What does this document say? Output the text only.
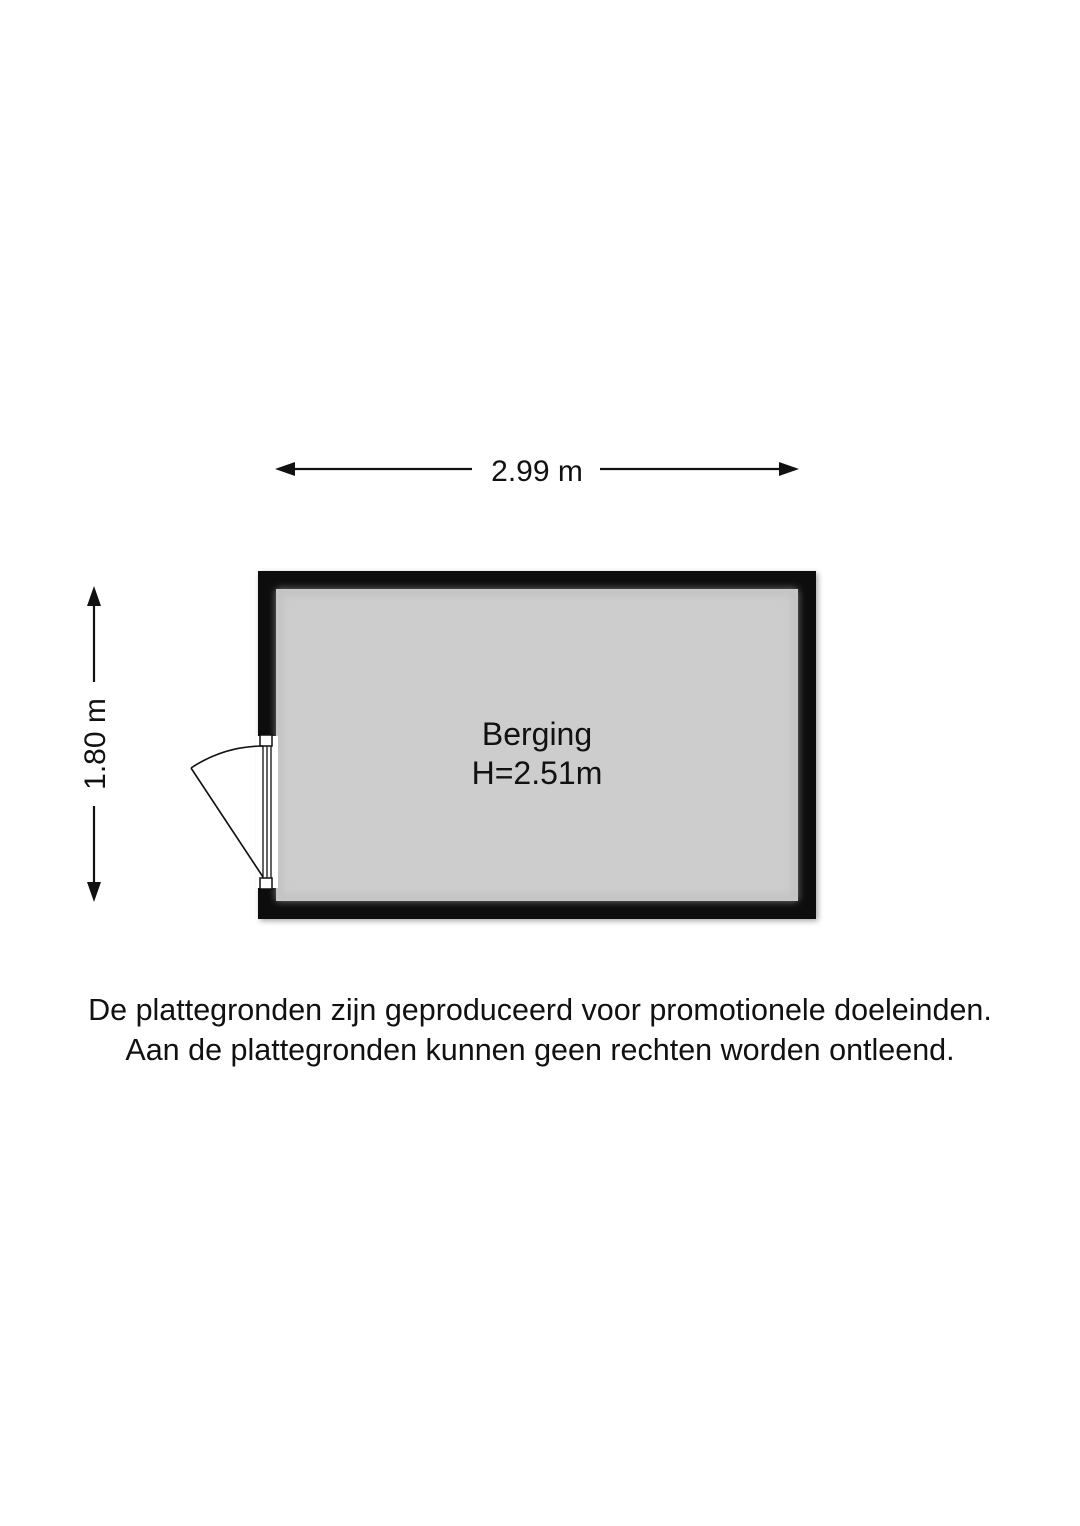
2.99 m
1.80 m	Berging
H=2.51m
De plattegronden zijn geproduceerd voor promotionele doeleinden.
Aan de plattegronden kunnen geen rechten worden ontleend.
